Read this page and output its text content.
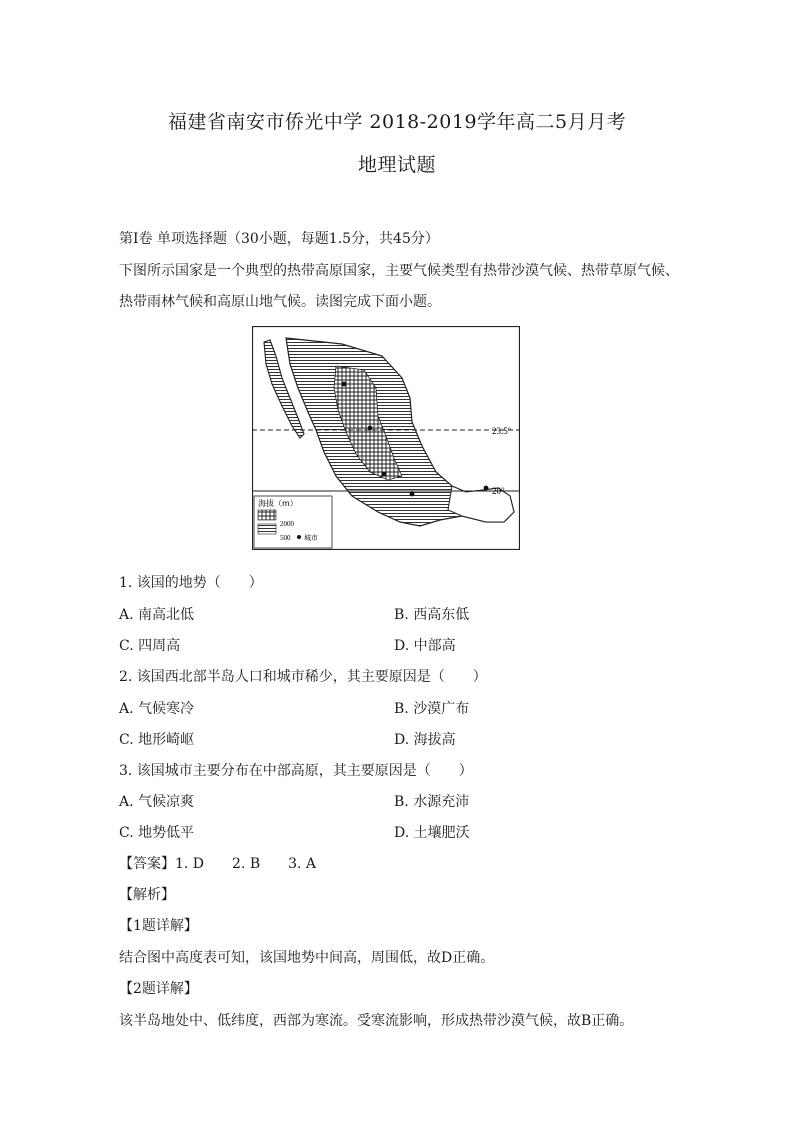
福建省南安市侨光中学 2018-2019学年高二5月月考
地理试题
第Ⅰ卷 单项选择题（30小题，每题1.5分，共45分）
下图所示国家是一个典型的热带高原国家，主要气候类型有热带沙漠气候、热带草原气候、
热带雨林气候和高原山地气候。读图完成下面小题。
23.5°
20°
海拔（m）
2000
500 城市
1. 该国的地势（　　）
A. 南高北低	B. 西高东低
C. 四周高	D. 中部高
2. 该国西北部半岛人口和城市稀少，其主要原因是（　　）
A. 气候寒冷	B. 沙漠广布
C. 地形崎岖	D. 海拔高
3. 该国城市主要分布在中部高原，其主要原因是（　　）
A. 气候凉爽	B. 水源充沛
C. 地势低平	D. 土壤肥沃
【答案】1. D　　2. B　　3. A
【解析】
【1题详解】
结合图中高度表可知，该国地势中间高，周围低，故D正确。
【2题详解】
该半岛地处中、低纬度，西部为寒流。受寒流影响，形成热带沙漠气候，故B正确。
